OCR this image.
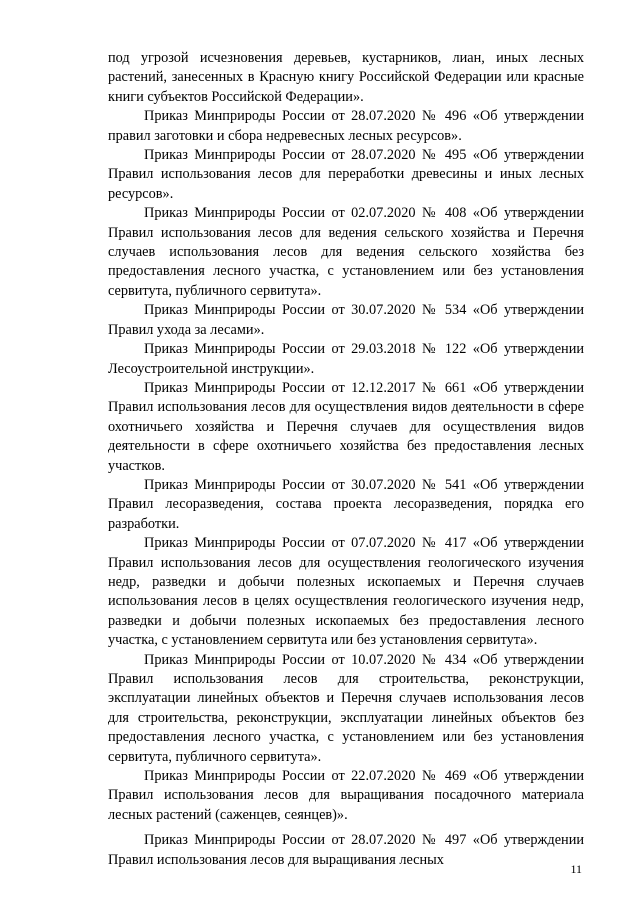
под угрозой исчезновения деревьев, кустарников, лиан, иных лесных растений, занесенных в Красную книгу Российской Федерации или красные книги субъектов Российской Федерации».

Приказ Минприроды России от 28.07.2020 № 496 «Об утверждении правил заготовки и сбора недревесных лесных ресурсов».

Приказ Минприроды России от 28.07.2020 № 495 «Об утверждении Правил использования лесов для переработки древесины и иных лесных ресурсов».

Приказ Минприроды России от 02.07.2020 № 408 «Об утверждении Правил использования лесов для ведения сельского хозяйства и Перечня случаев использования лесов для ведения сельского хозяйства без предоставления лесного участка, с установлением или без установления сервитута, публичного сервитута».

Приказ Минприроды России от 30.07.2020 № 534 «Об утверждении Правил ухода за лесами».

Приказ Минприроды России от 29.03.2018 № 122 «Об утверждении Лесоустроительной инструкции».

Приказ Минприроды России от 12.12.2017 № 661 «Об утверждении Правил использования лесов для осуществления видов деятельности в сфере охотничьего хозяйства и Перечня случаев для осуществления видов деятельности в сфере охотничьего хозяйства без предоставления лесных участков.

Приказ Минприроды России от 30.07.2020 № 541 «Об утверждении Правил лесоразведения, состава проекта лесоразведения, порядка его разработки.

Приказ Минприроды России от 07.07.2020 № 417 «Об утверждении Правил использования лесов для осуществления геологического изучения недр, разведки и добычи полезных ископаемых и Перечня случаев использования лесов в целях осуществления геологического изучения недр, разведки и добычи полезных ископаемых без предоставления лесного участка, с установлением сервитута или без установления сервитута».

Приказ Минприроды России от 10.07.2020 № 434 «Об утверждении Правил использования лесов для строительства, реконструкции, эксплуатации линейных объектов и Перечня случаев использования лесов для строительства, реконструкции, эксплуатации линейных объектов без предоставления лесного участка, с установлением или без установления сервитута, публичного сервитута».

Приказ Минприроды России от 22.07.2020 № 469 «Об утверждении Правил использования лесов для выращивания посадочного материала лесных растений (саженцев, сеянцев)».

Приказ Минприроды России от 28.07.2020 № 497 «Об утверждении Правил использования лесов для выращивания лесных

11
